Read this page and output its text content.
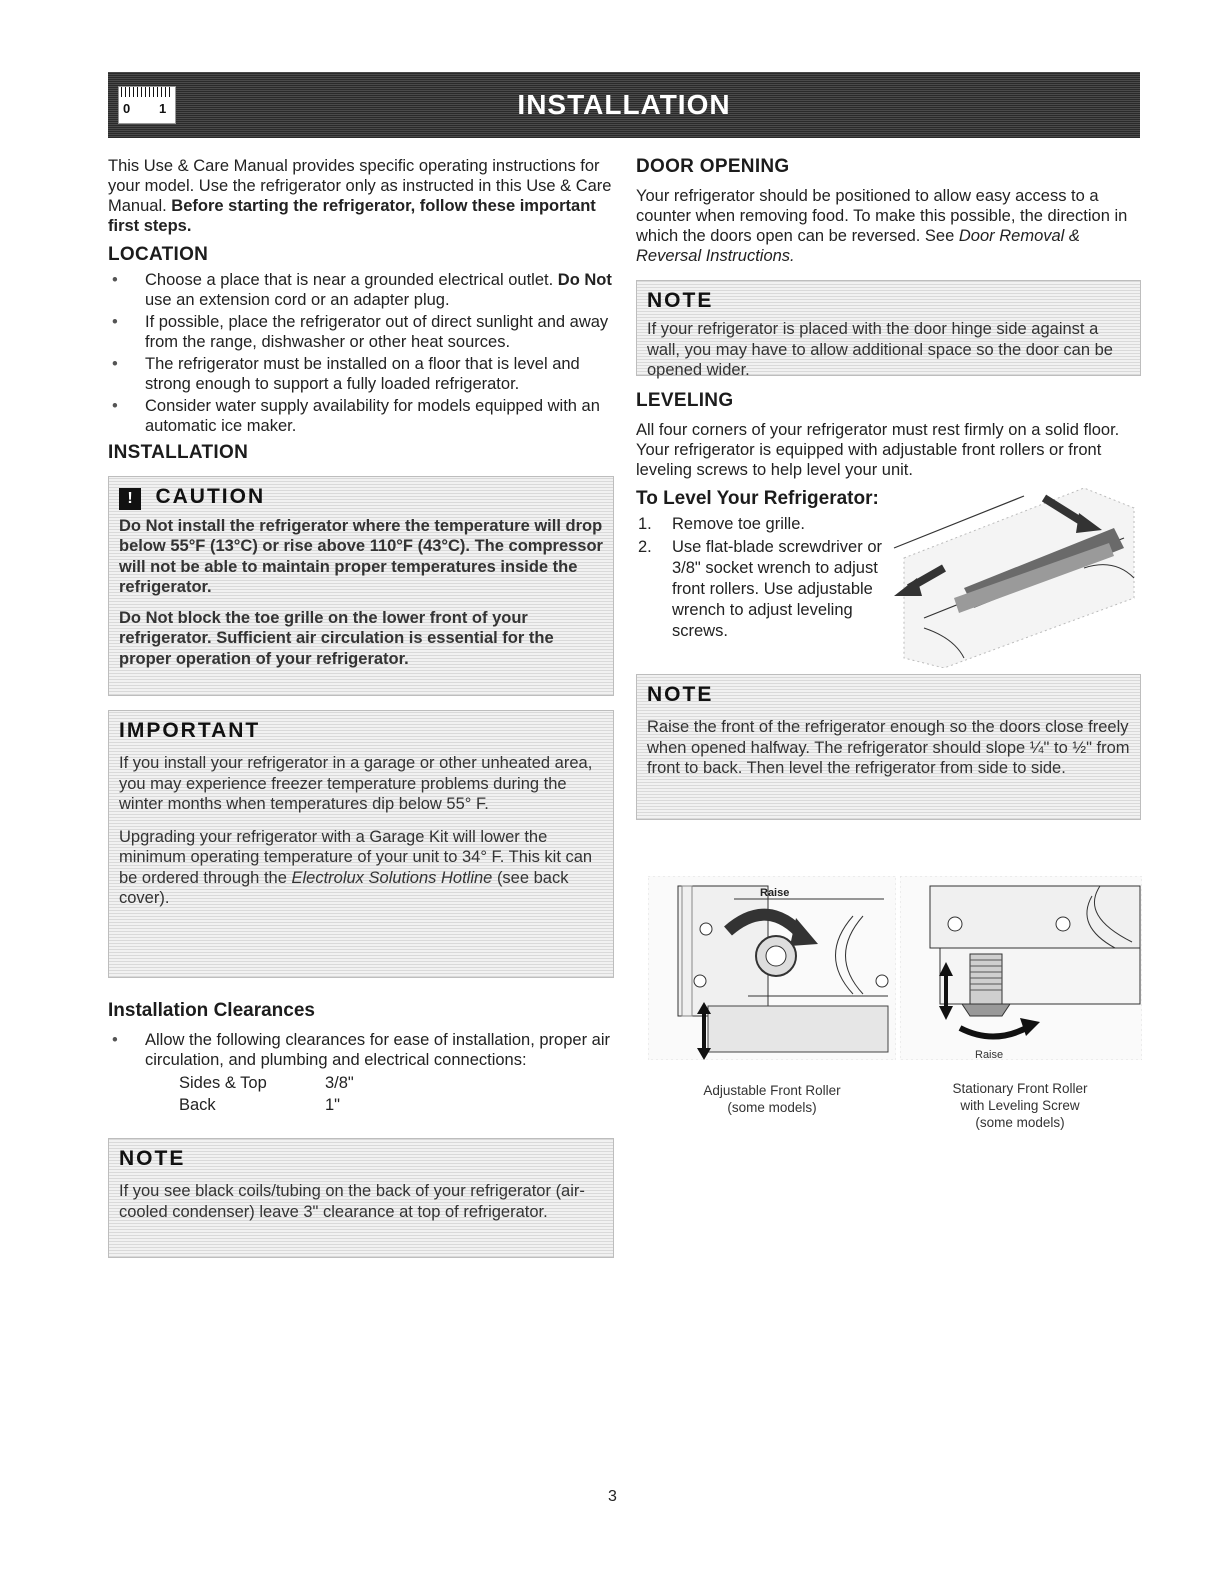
0 1	INSTALLATION

This Use & Care Manual provides specific operating instructions for your model. Use the refrigerator only as instructed in this Use & Care Manual. Before starting the refrigerator, follow these important first steps.

LOCATION
• Choose a place that is near a grounded electrical outlet. Do Not use an extension cord or an adapter plug.
• If possible, place the refrigerator out of direct sunlight and away from the range, dishwasher or other heat sources.
• The refrigerator must be installed on a floor that is level and strong enough to support a fully loaded refrigerator.
• Consider water supply availability for models equipped with an automatic ice maker.
INSTALLATION
! CAUTION

Do Not install the refrigerator where the temperature will drop below 55°F (13°C) or rise above 110°F (43°C). The compressor will not be able to maintain proper temperatures inside the refrigerator.

Do Not block the toe grille on the lower front of your refrigerator. Sufficient air circulation is essential for the proper operation of your refrigerator.

IMPORTANT

If you install your refrigerator in a garage or other unheated area, you may experience freezer temperature problems during the winter months when temperatures dip below 55° F.

Upgrading your refrigerator with a Garage Kit will lower the minimum operating temperature of your unit to 34° F. This kit can be ordered through the Electrolux Solutions Hotline (see back cover).

Installation Clearances
• Allow the following clearances for ease of installation, proper air circulation, and plumbing and electrical connections:
Sides & Top	3/8"
Back	1"
NOTE

If you see black coils/tubing on the back of your refrigerator (air-cooled condenser) leave 3" clearance at top of refrigerator.

DOOR OPENING

Your refrigerator should be positioned to allow easy access to a counter when removing food. To make this possible, the direction in which the doors open can be reversed. See Door Removal & Reversal Instructions.

NOTE

If your refrigerator is placed with the door hinge side against a wall, you may have to allow additional space so the door can be opened wider.

LEVELING

All four corners of your refrigerator must rest firmly on a solid floor. Your refrigerator is equipped with adjustable front rollers or front leveling screws to help level your unit.

To Level Your Refrigerator:
1. Remove toe grille.
2. Use flat-blade screwdriver or 3/8" socket wrench to adjust front rollers. Use adjustable wrench to adjust leveling screws.
NOTE

Raise the front of the refrigerator enough so the doors close freely when opened halfway. The refrigerator should slope ¼" to ½" from front to back. Then level the refrigerator from side to side.

Raise
Raise
Adjustable Front Roller
(some models)
Stationary Front Roller
with Leveling Screw
(some models)
3
